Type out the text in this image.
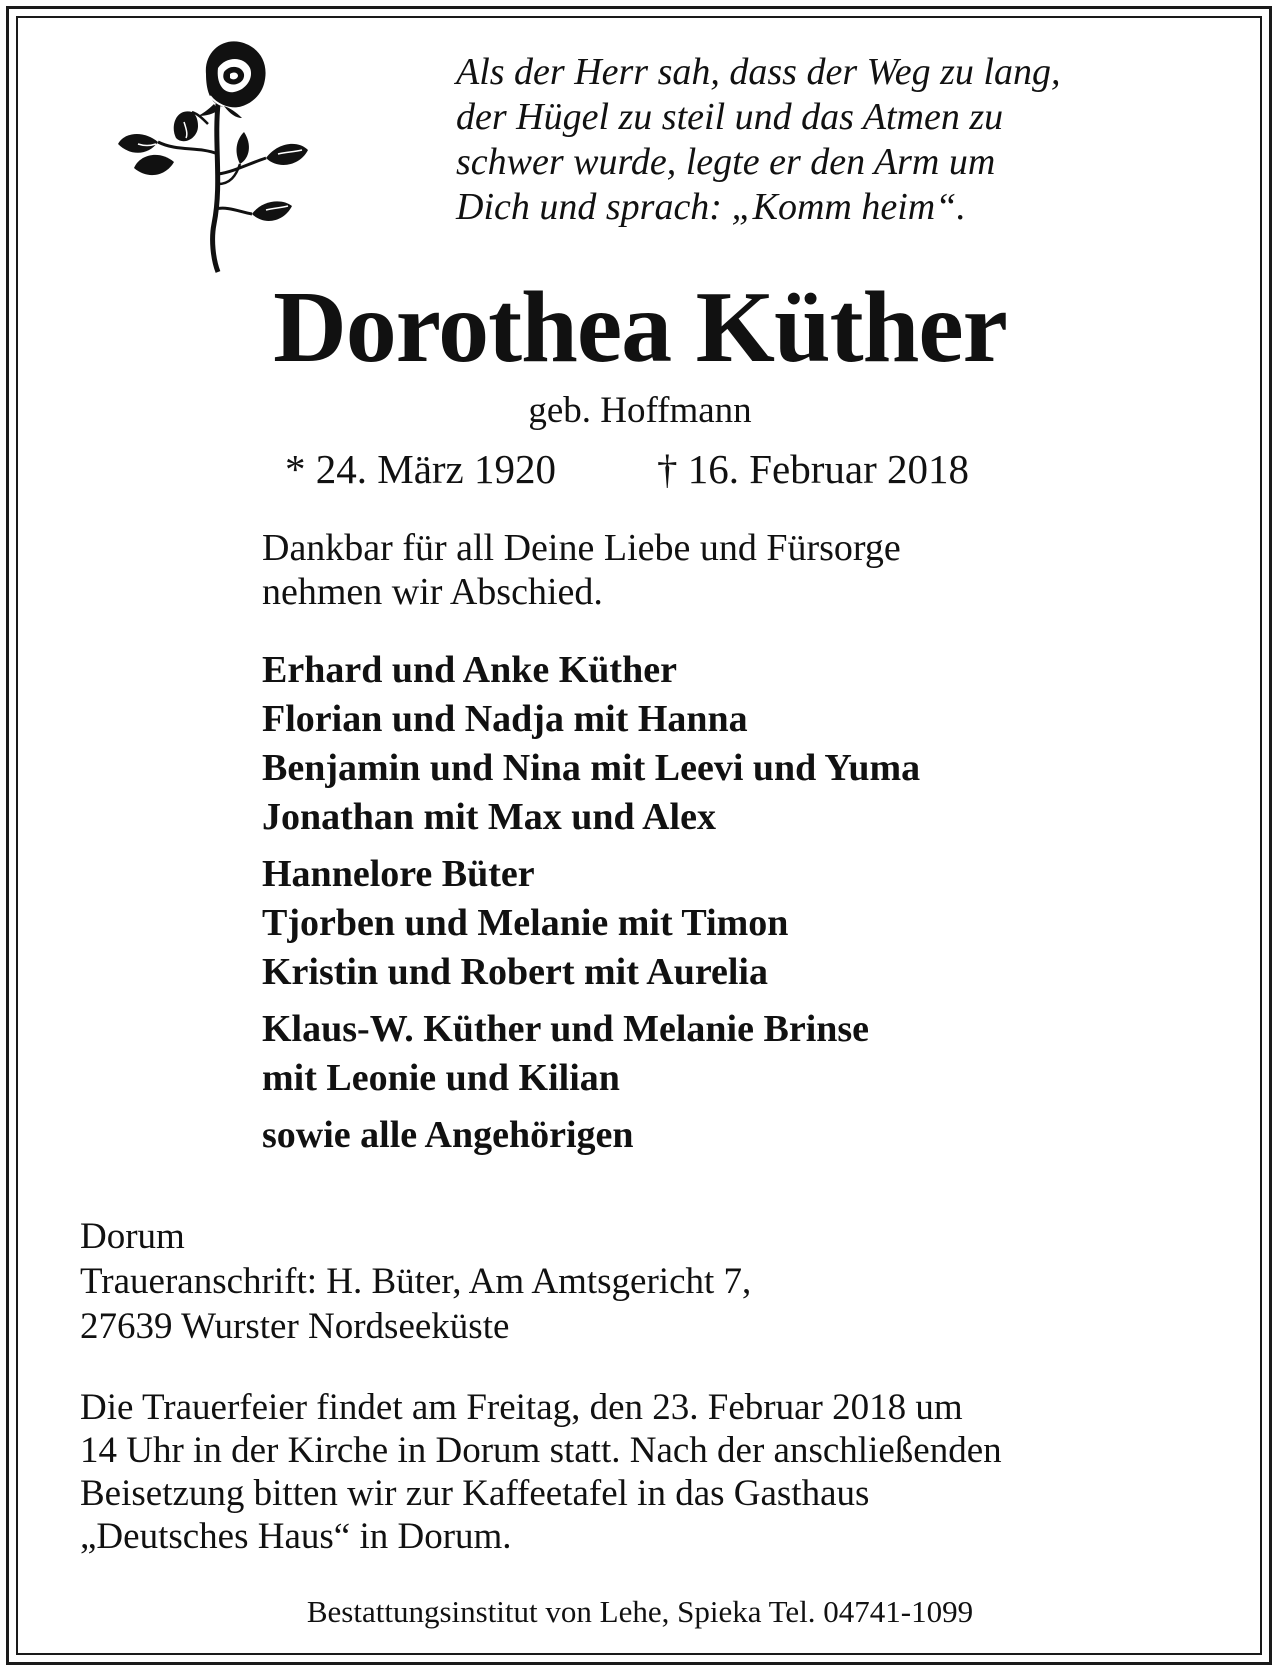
Als der Herr sah, dass der Weg zu lang,
der Hügel zu steil und das Atmen zu
schwer wurde, legte er den Arm um
Dich und sprach: „Komm heim“.
Dorothea Küther
geb. Hoffmann
* 24. März 1920 † 16. Februar 2018
Dankbar für all Deine Liebe und Fürsorge
nehmen wir Abschied.
Erhard und Anke Küther
Florian und Nadja mit Hanna
Benjamin und Nina mit Leevi und Yuma
Jonathan mit Max und Alex
Hannelore Büter
Tjorben und Melanie mit Timon
Kristin und Robert mit Aurelia
Klaus-W. Küther und Melanie Brinse
mit Leonie und Kilian
sowie alle Angehörigen
Dorum
Traueranschrift: H. Büter, Am Amtsgericht 7,
27639 Wurster Nordseeküste
Die Trauerfeier findet am Freitag, den 23. Februar 2018 um
14 Uhr in der Kirche in Dorum statt. Nach der anschließenden
Beisetzung bitten wir zur Kaffeetafel in das Gasthaus
„Deutsches Haus“ in Dorum.
Bestattungsinstitut von Lehe, Spieka Tel. 04741-1099
